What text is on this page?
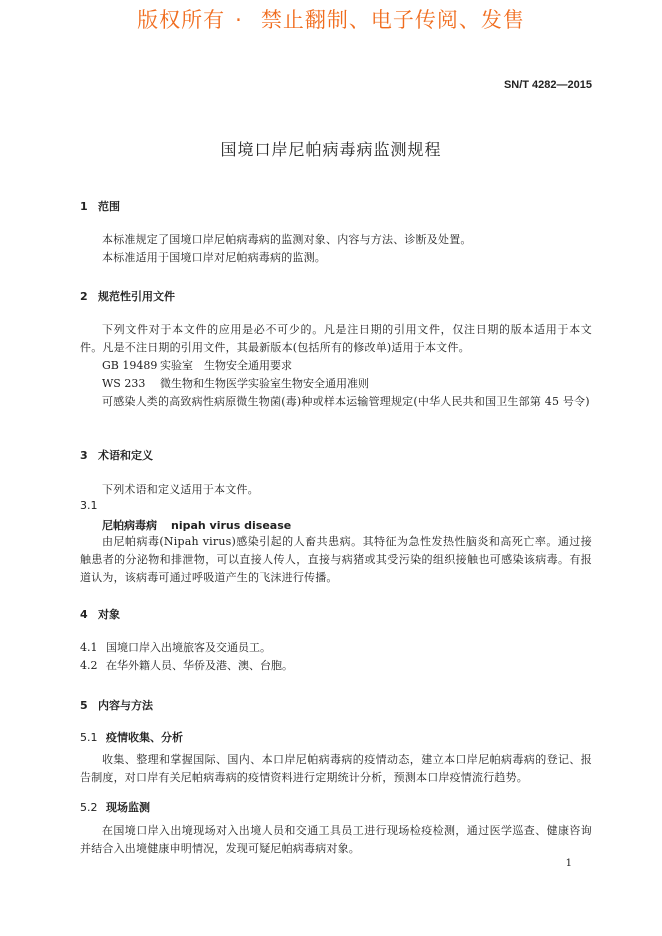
版权所有 · 禁止翻制、电子传阅、发售
SN/T 4282—2015
国境口岸尼帕病毒病监测规程
1 范围
本标准规定了国境口岸尼帕病毒病的监测对象、内容与方法、诊断及处置。
本标准适用于国境口岸对尼帕病毒病的监测。
2 规范性引用文件
下列文件对于本文件的应用是必不可少的。凡是注日期的引用文件，仅注日期的版本适用于本文件。凡是不注日期的引用文件，其最新版本(包括所有的修改单)适用于本文件。
GB 19489 实验室　生物安全通用要求
WS 233 微生物和生物医学实验室生物安全通用准则
可感染人类的高致病性病原微生物菌(毒)种或样本运输管理规定(中华人民共和国卫生部第 45 号令)
3 术语和定义
下列术语和定义适用于本文件。
3.1
尼帕病毒病 nipah virus disease
由尼帕病毒(Nipah virus)感染引起的人畜共患病。其特征为急性发热性脑炎和高死亡率。通过接触患者的分泌物和排泄物，可以直接人传人，直接与病猪或其受污染的组织接触也可感染该病毒。有报道认为，该病毒可通过呼吸道产生的飞沫进行传播。
4 对象
4.1 国境口岸入出境旅客及交通员工。
4.2 在华外籍人员、华侨及港、澳、台胞。
5 内容与方法
5.1 疫情收集、分析
收集、整理和掌握国际、国内、本口岸尼帕病毒病的疫情动态，建立本口岸尼帕病毒病的登记、报告制度，对口岸有关尼帕病毒病的疫情资料进行定期统计分析，预测本口岸疫情流行趋势。
5.2 现场监测
在国境口岸入出境现场对入出境人员和交通工具员工进行现场检疫检测，通过医学巡查、健康咨询并结合入出境健康申明情况，发现可疑尼帕病毒病对象。
1
